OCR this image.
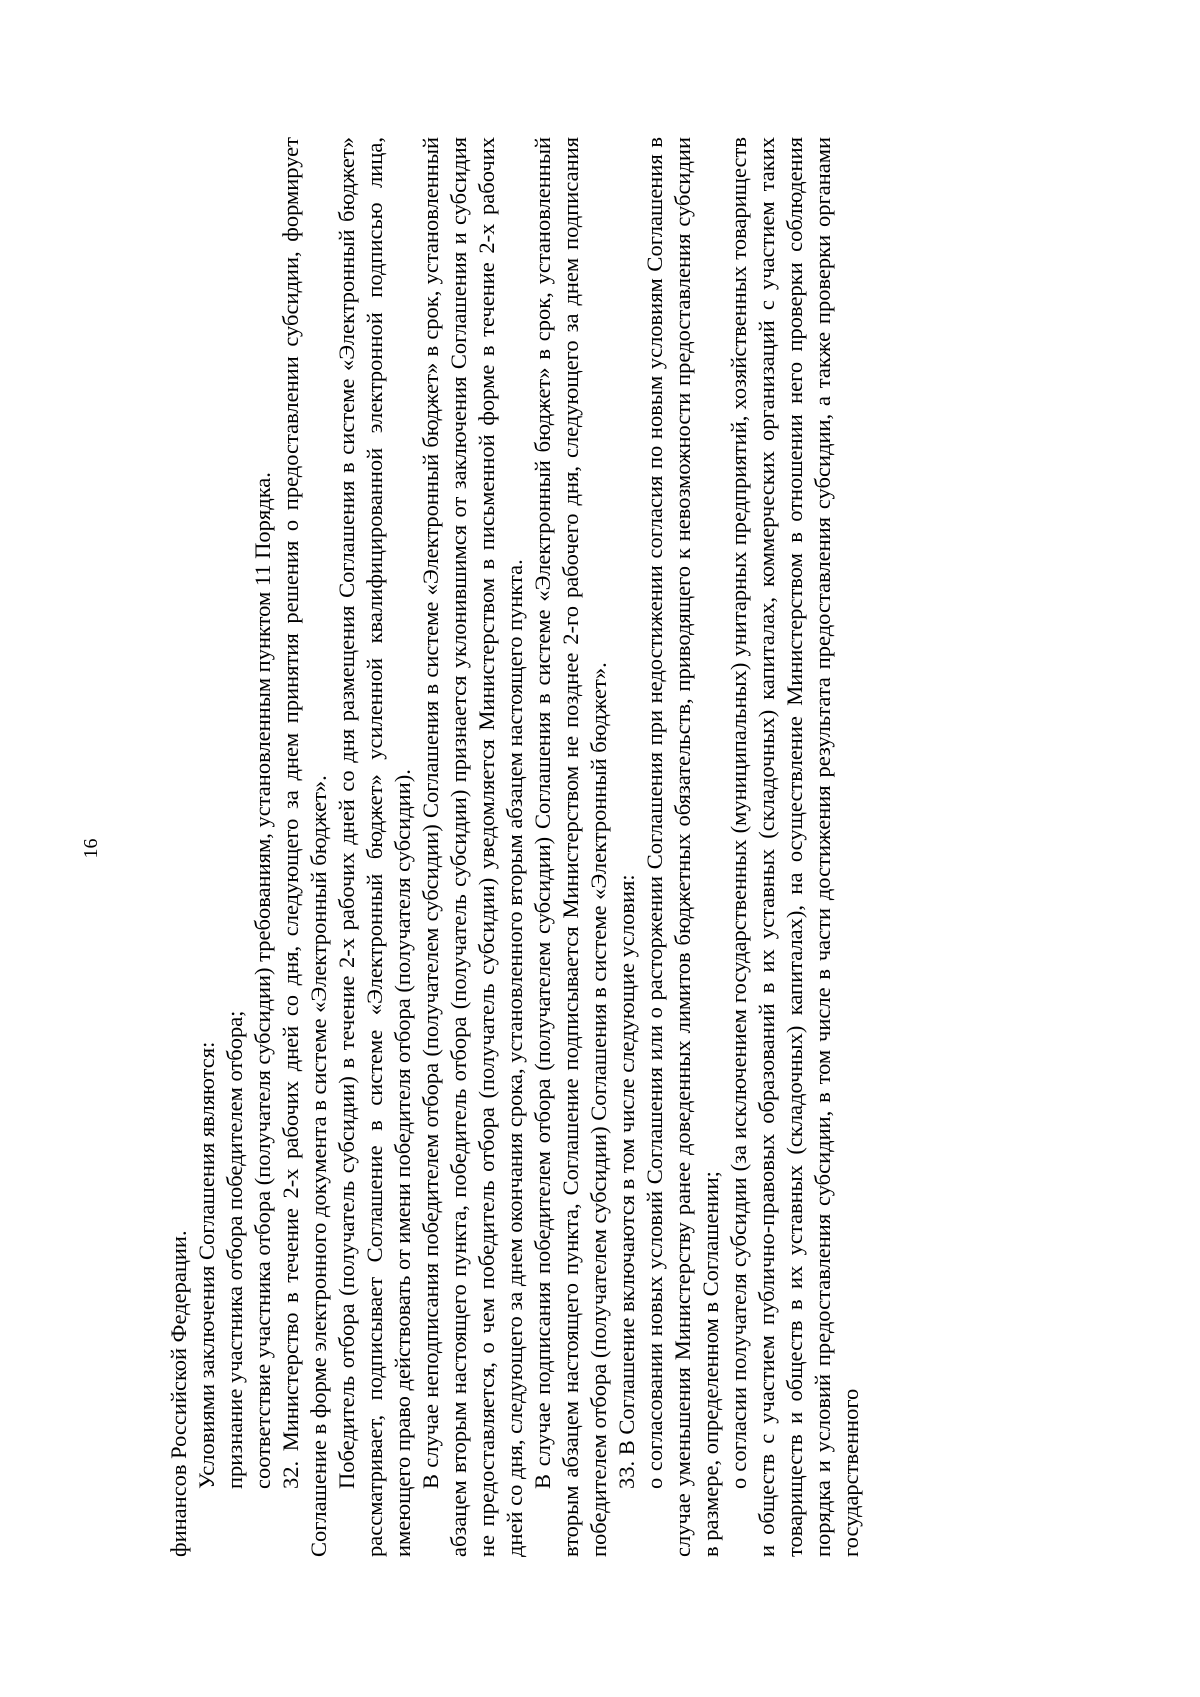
16

финансов Российской Федерации. Условиями заключения Соглашения являются: признание участника отбора победителем отбора; соответствие участника отбора (получателя субсидии) требованиям, установленным пунктом 11 Порядка. 32. Министерство в течение 2-х рабочих дней со дня, следующего за днем принятия решения о предоставлении субсидии, формирует Соглашение в форме электронного документа в системе «Электронный бюджет». Победитель отбора (получатель субсидии) в течение 2-х рабочих дней со дня размещения Соглашения в системе «Электронный бюджет» рассматривает, подписывает Соглашение в системе «Электронный бюджет» усиленной квалифицированной электронной подписью лица, имеющего право действовать от имени победителя отбора (получателя субсидии). В случае неподписания победителем отбора (получателем субсидии) Соглашения в системе «Электронный бюджет» в срок, установленный абзацем вторым настоящего пункта, победитель отбора (получатель субсидии) признается уклонившимся от заключения Соглашения и субсидия не предоставляется, о чем победитель отбора (получатель субсидии) уведомляется Министерством в письменной форме в течение 2-х рабочих дней со дня, следующего за днем окончания срока, установленного вторым абзацем настоящего пункта. В случае подписания победителем отбора (получателем субсидии) Соглашения в системе «Электронный бюджет» в срок, установленный вторым абзацем настоящего пункта, Соглашение подписывается Министерством не позднее 2-го рабочего дня, следующего за днем подписания победителем отбора (получателем субсидии) Соглашения в системе «Электронный бюджет». 33. В Соглашение включаются в том числе следующие условия: о согласовании новых условий Соглашения или о расторжении Соглашения при недостижении согласия по новым условиям Соглашения в случае уменьшения Министерству ранее доведенных лимитов бюджетных обязательств, приводящего к невозможности предоставления субсидии в размере, определенном в Соглашении; о согласии получателя субсидии (за исключением государственных (муниципальных) унитарных предприятий, хозяйственных товариществ и обществ с участием публично-правовых образований в их уставных (складочных) капиталах, коммерческих организаций с участием таких товариществ и обществ в их уставных (складочных) капиталах), на осуществление Министерством в отношении него проверки соблюдения порядка и условий предоставления субсидии, в том числе в части достижения результата предоставления субсидии, а также проверки органами государственного
